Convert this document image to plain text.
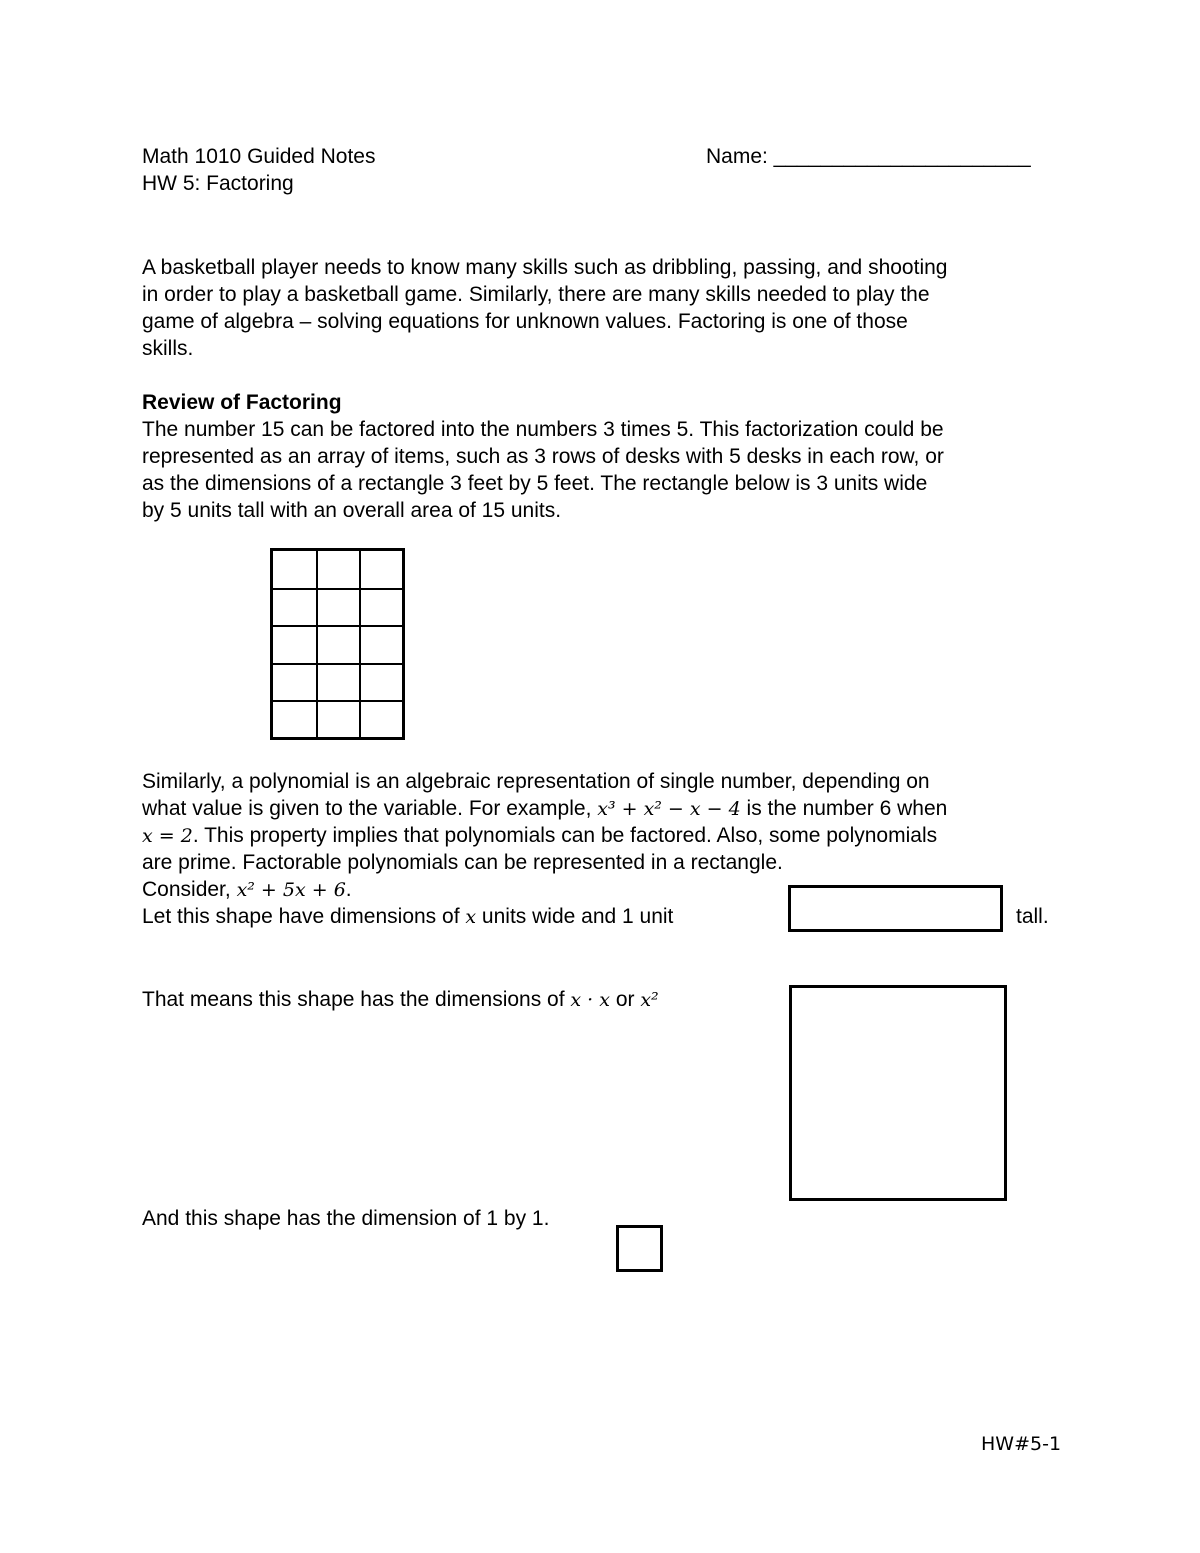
Math 1010 Guided Notes
HW 5: Factoring
Name: ______________________
A basketball player needs to know many skills such as dribbling, passing, and shooting
in order to play a basketball game. Similarly, there are many skills needed to play the
game of algebra – solving equations for unknown values. Factoring is one of those
skills.
Review of Factoring
The number 15 can be factored into the numbers 3 times 5. This factorization could be
represented as an array of items, such as 3 rows of desks with 5 desks in each row, or
as the dimensions of a rectangle 3 feet by 5 feet. The rectangle below is 3 units wide
by 5 units tall with an overall area of 15 units.
Similarly, a polynomial is an algebraic representation of single number, depending on
what value is given to the variable. For example, x³ + x² − x − 4 is the number 6 when
x = 2. This property implies that polynomials can be factored. Also, some polynomials
are prime. Factorable polynomials can be represented in a rectangle.
Consider, x² + 5x + 6.
Let this shape have dimensions of x units wide and 1 unit	tall.
That means this shape has the dimensions of x · x or x²
And this shape has the dimension of 1 by 1.
HW#5-1
